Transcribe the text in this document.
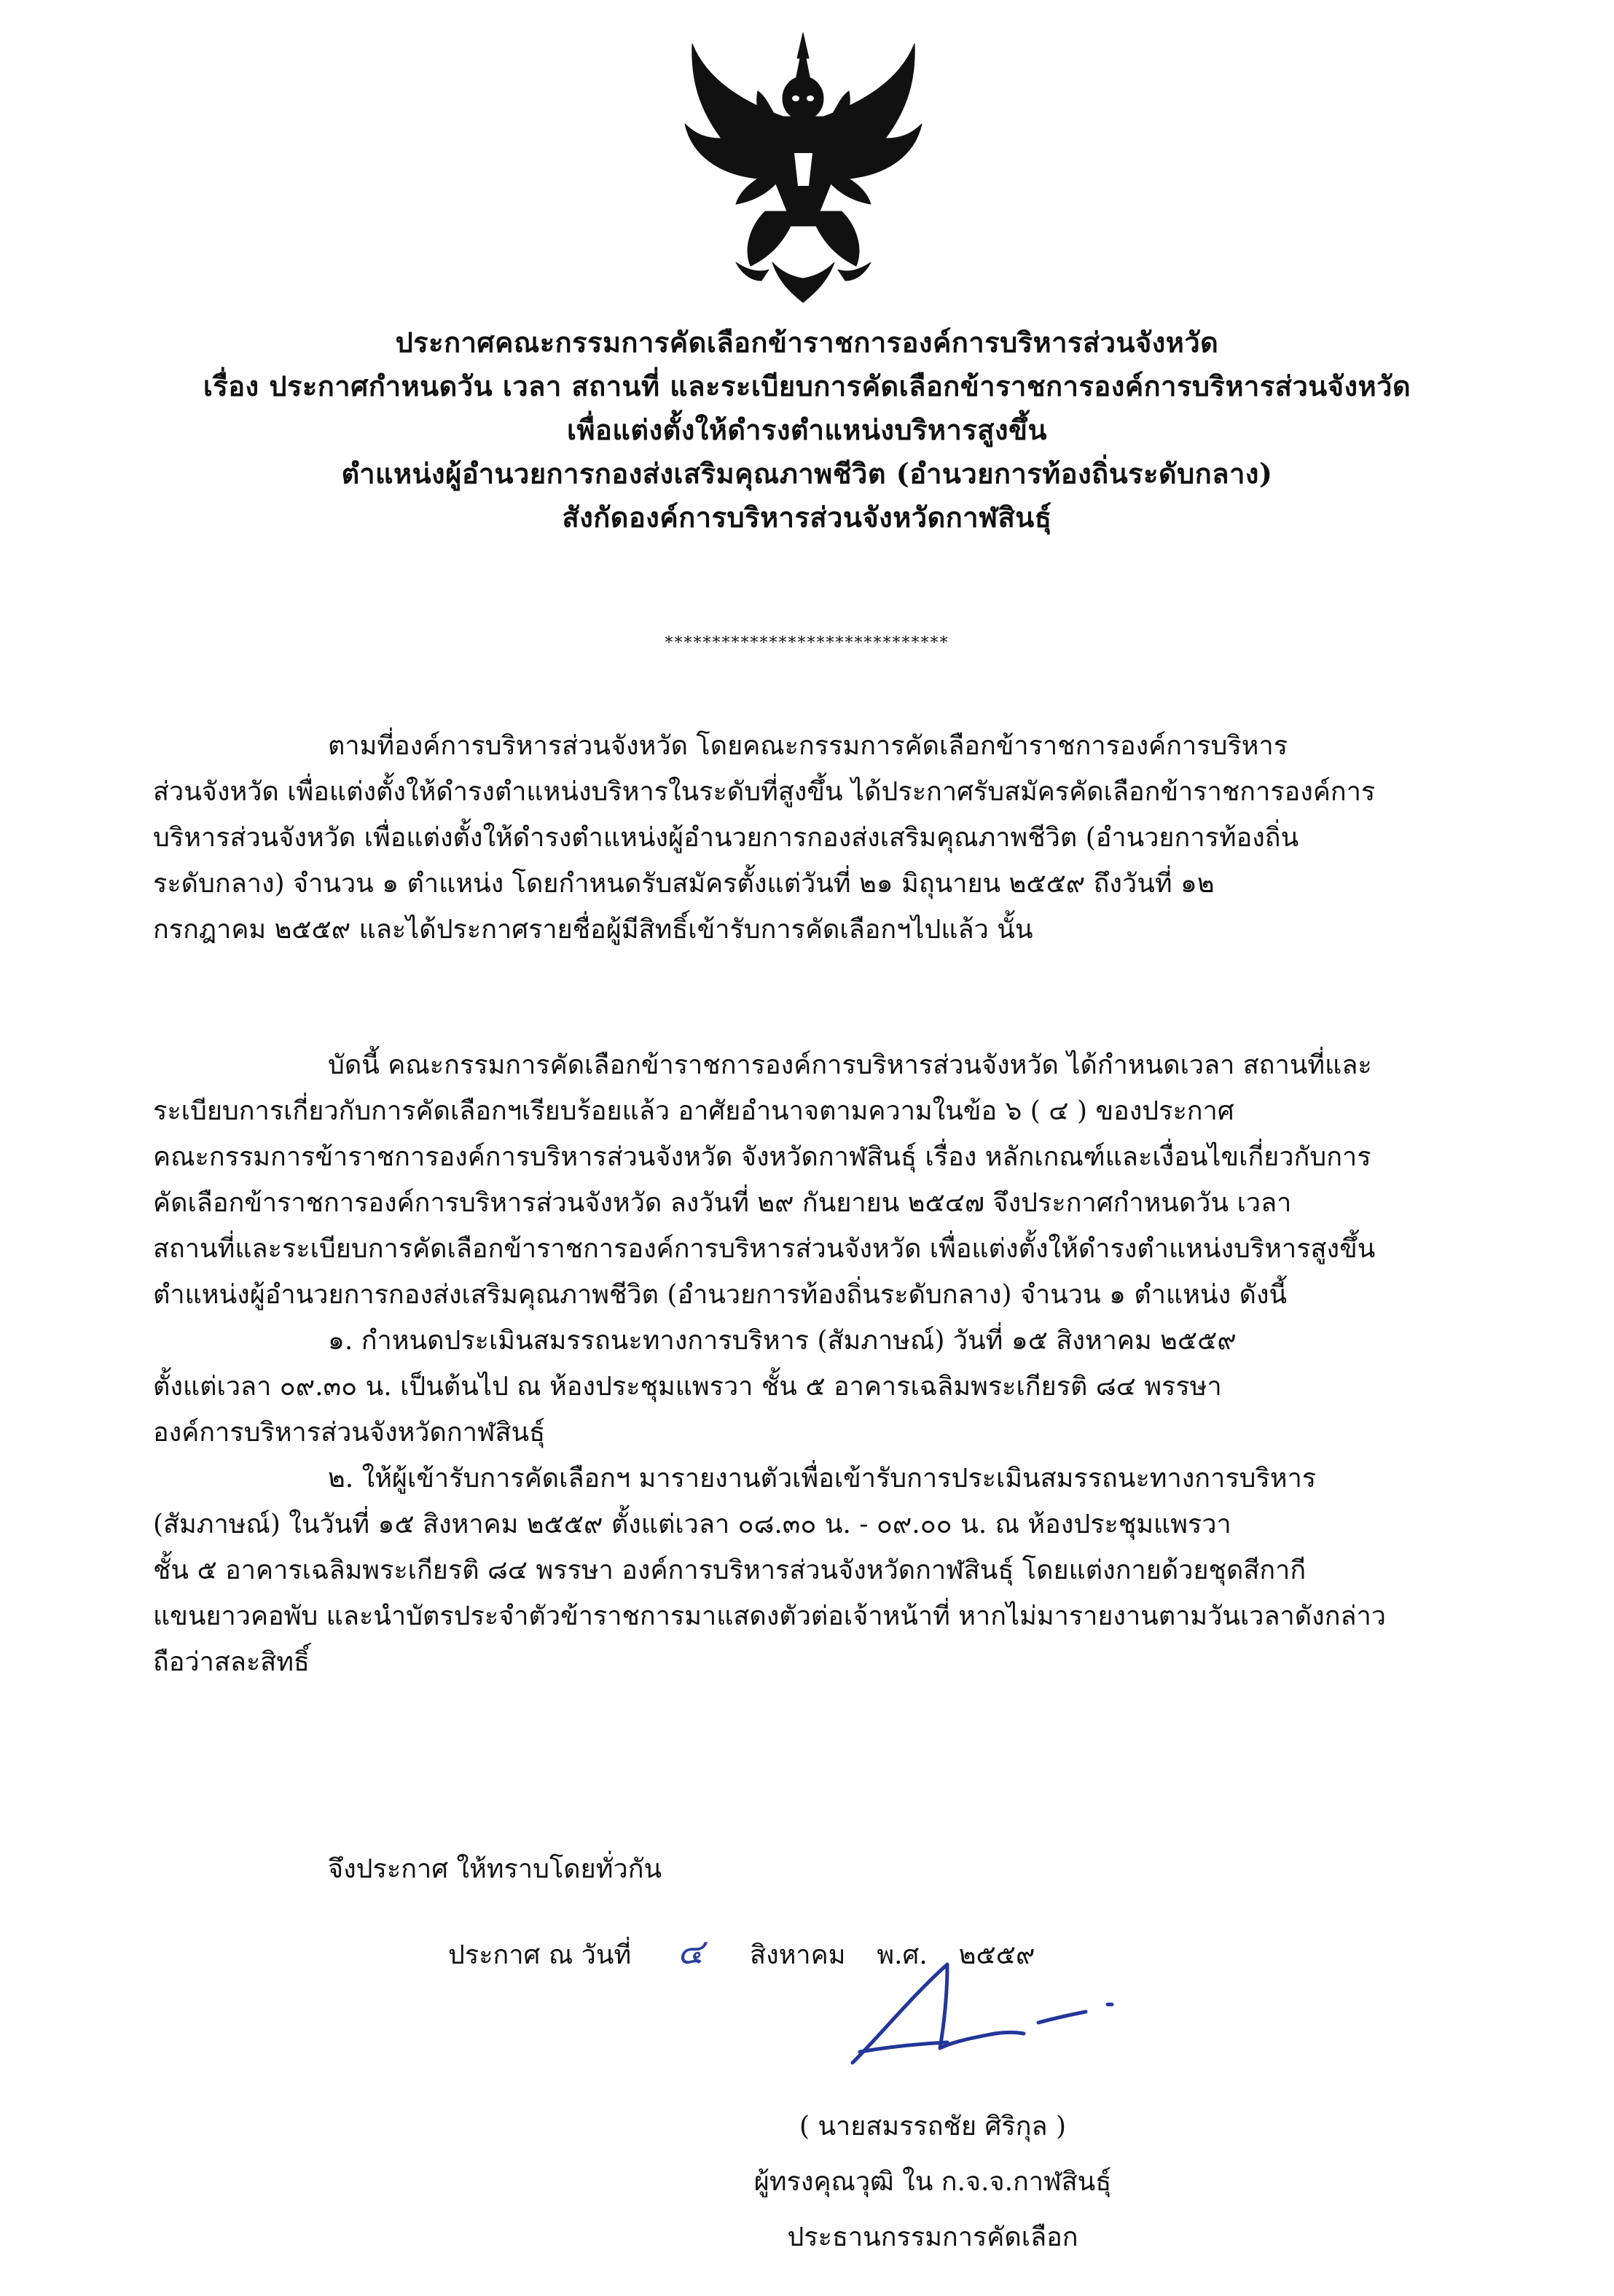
ประกาศคณะกรรมการคัดเลือกข้าราชการองค์การบริหารส่วนจังหวัด
เรื่อง ประกาศกำหนดวัน เวลา สถานที่ และระเบียบการคัดเลือกข้าราชการองค์การบริหารส่วนจังหวัด
เพื่อแต่งตั้งให้ดำรงตำแหน่งบริหารสูงขึ้น
ตำแหน่งผู้อำนวยการกองส่งเสริมคุณภาพชีวิต (อำนวยการท้องถิ่นระดับกลาง)
สังกัดองค์การบริหารส่วนจังหวัดกาฬสินธุ์
******************************
ตามที่องค์การบริหารส่วนจังหวัด โดยคณะกรรมการคัดเลือกข้าราชการองค์การบริหาร
ส่วนจังหวัด เพื่อแต่งตั้งให้ดำรงตำแหน่งบริหารในระดับที่สูงขึ้น ได้ประกาศรับสมัครคัดเลือกข้าราชการองค์การ
บริหารส่วนจังหวัด เพื่อแต่งตั้งให้ดำรงตำแหน่งผู้อำนวยการกองส่งเสริมคุณภาพชีวิต (อำนวยการท้องถิ่น
ระดับกลาง) จำนวน ๑ ตำแหน่ง โดยกำหนดรับสมัครตั้งแต่วันที่ ๒๑ มิถุนายน ๒๕๕๙ ถึงวันที่ ๑๒
กรกฎาคม ๒๕๕๙ และได้ประกาศรายชื่อผู้มีสิทธิ์เข้ารับการคัดเลือกฯไปแล้ว นั้น
บัดนี้ คณะกรรมการคัดเลือกข้าราชการองค์การบริหารส่วนจังหวัด ได้กำหนดเวลา สถานที่และ
ระเบียบการเกี่ยวกับการคัดเลือกฯเรียบร้อยแล้ว อาศัยอำนาจตามความในข้อ ๖ ( ๔ ) ของประกาศ
คณะกรรมการข้าราชการองค์การบริหารส่วนจังหวัด จังหวัดกาฬสินธุ์ เรื่อง หลักเกณฑ์และเงื่อนไขเกี่ยวกับการ
คัดเลือกข้าราชการองค์การบริหารส่วนจังหวัด ลงวันที่ ๒๙ กันยายน ๒๕๔๗ จึงประกาศกำหนดวัน เวลา
สถานที่และระเบียบการคัดเลือกข้าราชการองค์การบริหารส่วนจังหวัด เพื่อแต่งตั้งให้ดำรงตำแหน่งบริหารสูงขึ้น
ตำแหน่งผู้อำนวยการกองส่งเสริมคุณภาพชีวิต (อำนวยการท้องถิ่นระดับกลาง) จำนวน ๑ ตำแหน่ง ดังนี้
๑. กำหนดประเมินสมรรถนะทางการบริหาร (สัมภาษณ์) วันที่ ๑๕ สิงหาคม ๒๕๕๙
ตั้งแต่เวลา ๐๙.๓๐ น. เป็นต้นไป ณ ห้องประชุมแพรวา ชั้น ๕ อาคารเฉลิมพระเกียรติ ๘๔ พรรษา
องค์การบริหารส่วนจังหวัดกาฬสินธุ์
๒. ให้ผู้เข้ารับการคัดเลือกฯ มารายงานตัวเพื่อเข้ารับการประเมินสมรรถนะทางการบริหาร
(สัมภาษณ์) ในวันที่ ๑๕ สิงหาคม ๒๕๕๙ ตั้งแต่เวลา ๐๘.๓๐ น. - ๐๙.๐๐ น. ณ ห้องประชุมแพรวา
ชั้น ๕ อาคารเฉลิมพระเกียรติ ๘๔ พรรษา องค์การบริหารส่วนจังหวัดกาฬสินธุ์ โดยแต่งกายด้วยชุดสีกากี
แขนยาวคอพับ และนำบัตรประจำตัวข้าราชการมาแสดงตัวต่อเจ้าหน้าที่ หากไม่มารายงานตามวันเวลาดังกล่าว
ถือว่าสละสิทธิ์
จึงประกาศ ให้ทราบโดยทั่วกัน
ประกาศ ณ วันที่ ๔ สิงหาคม พ.ศ. ๒๕๕๙
( นายสมรรถชัย ศิริกุล )
ผู้ทรงคุณวุฒิ ใน ก.จ.จ.กาฬสินธุ์
ประธานกรรมการคัดเลือก
